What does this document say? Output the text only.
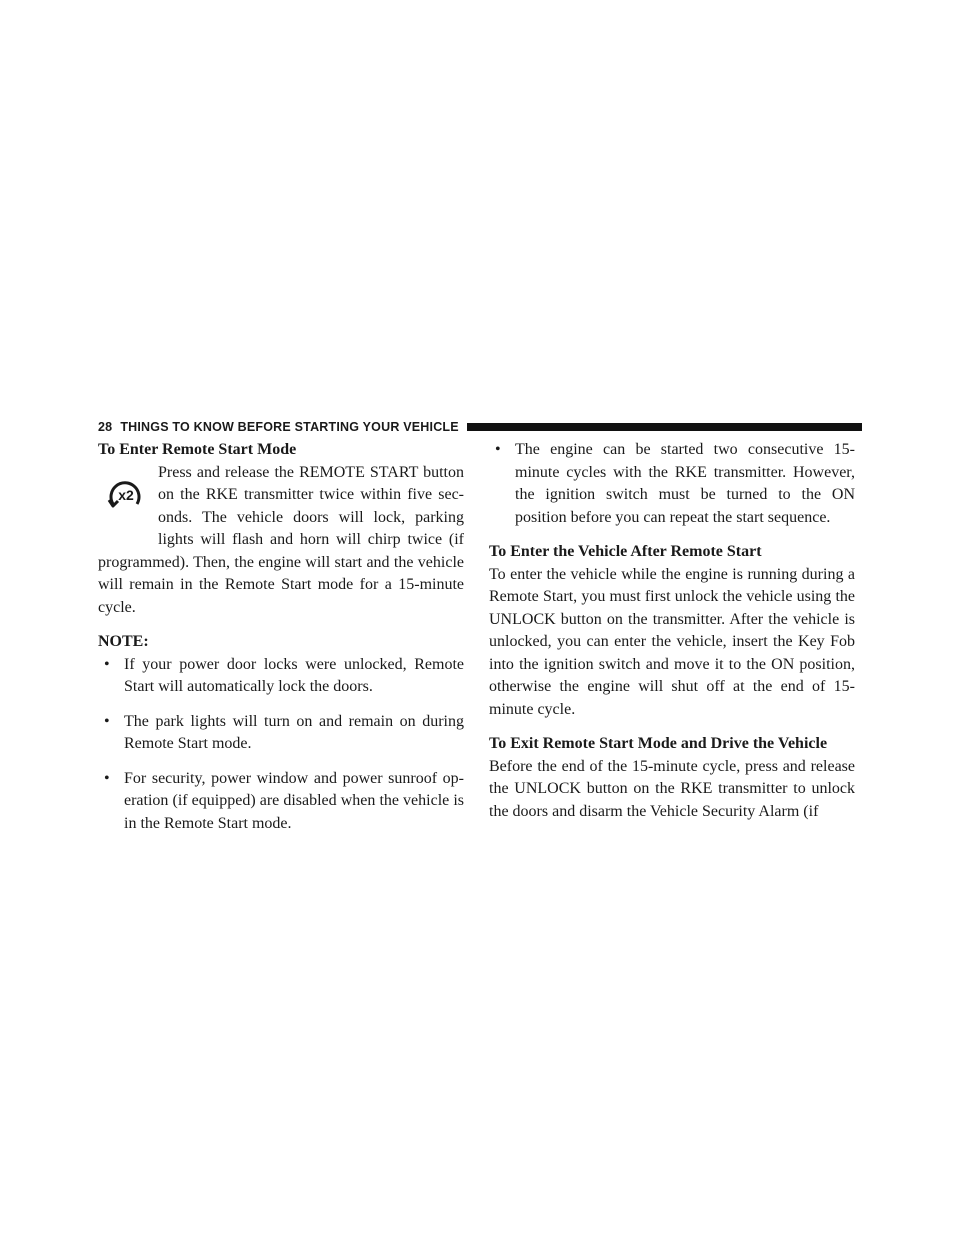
28 THINGS TO KNOW BEFORE STARTING YOUR VEHICLE
To Enter Remote Start Mode
x2

Press and release the REMOTE START button on the RKE transmitter twice within five sec- onds. The vehicle doors will lock, parking lights will flash and horn will chirp twice (if programmed). Then, the engine will start and the vehicle will remain in the Remote Start mode for a 15-minute cycle.

NOTE:
• If your power door locks were unlocked, Remote Start will automatically lock the doors.
• The park lights will turn on and remain on during Remote Start mode.
• For security, power window and power sunroof op- eration (if equipped) are disabled when the vehicle is in the Remote Start mode.
• The engine can be started two consecutive 15-minute cycles with the RKE transmitter. However, the ignition switch must be turned to the ON position before you can repeat the start sequence.
To Enter the Vehicle After Remote Start

To enter the vehicle while the engine is running during a Remote Start, you must first unlock the vehicle using the UNLOCK button on the transmitter. After the vehicle is unlocked, you can enter the vehicle, insert the Key Fob into the ignition switch and move it to the ON position, otherwise the engine will shut off at the end of 15- minute cycle.

To Exit Remote Start Mode and Drive the Vehicle

Before the end of the 15-minute cycle, press and release the UNLOCK button on the RKE transmitter to unlock the doors and disarm the Vehicle Security Alarm (if
